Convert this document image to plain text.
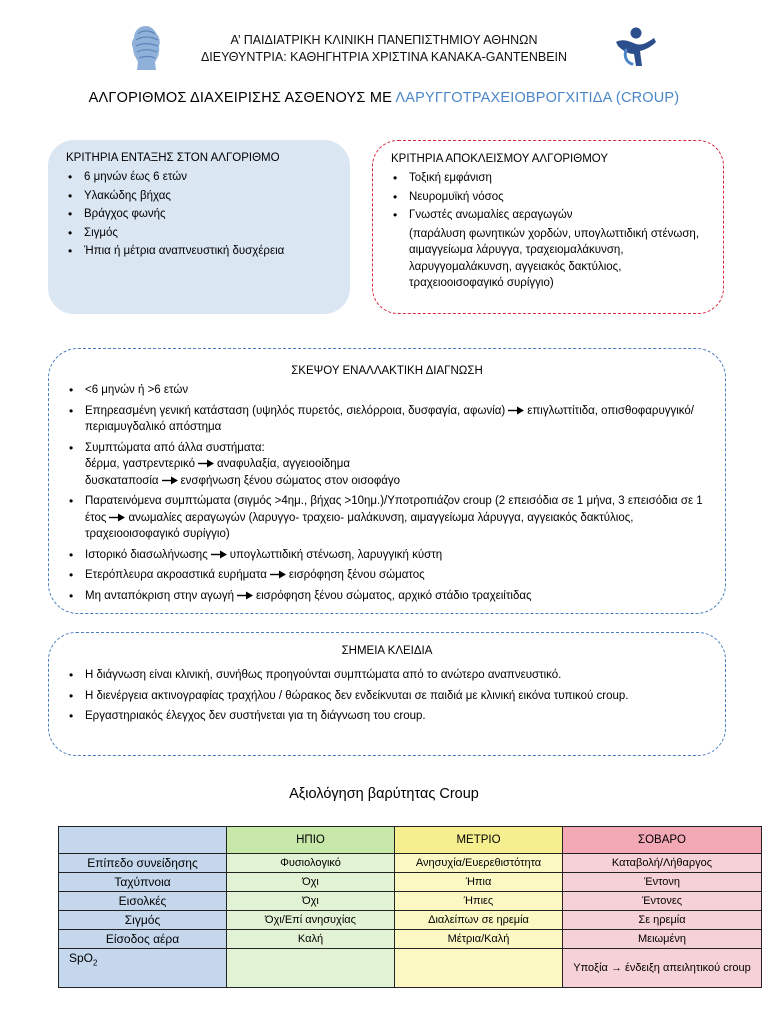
Α’ ΠΑΙΔΙΑΤΡΙΚΗ ΚΛΙΝΙΚΗ ΠΑΝΕΠΙΣΤΗΜΙΟΥ ΑΘΗΝΩΝ
ΔΙΕΥΘΥΝΤΡΙΑ: ΚΑΘΗΓΗΤΡΙΑ ΧΡΙΣΤΙΝΑ ΚΑΝΑΚΑ-GANTENBEIN
ΑΛΓΟΡΙΘΜΟΣ ΔΙΑΧΕΙΡΙΣΗΣ ΑΣΘΕΝΟΥΣ ΜΕ ΛΑΡΥΓΓΟΤΡΑΧΕΙΟΒΡΟΓΧΙΤΙΔΑ (CROUP)
ΚΡΙΤΗΡΙΑ ΕΝΤΑΞΗΣ ΣΤΟΝ ΑΛΓΟΡΙΘΜΟ
• 6 μηνών έως 6 ετών
• Υλακώδης βήχας
• Βράγχος φωνής
• Σιγμός
• Ήπια ή μέτρια αναπνευστική δυσχέρεια
ΚΡΙΤΗΡΙΑ ΑΠΟΚΛΕΙΣΜΟΥ ΑΛΓΟΡΙΘΜΟΥ
• Τοξική εμφάνιση
• Νευρομυϊκή νόσος
• Γνωστές ανωμαλίες αεραγωγών
(παράλυση φωνητικών χορδών, υπογλωττιδική στένωση, αιμαγγείωμα λάρυγγα, τραχειομαλάκυνση, λαρυγγομαλάκυνση, αγγειακός δακτύλιος, τραχειοοισοφαγικό συρίγγιο)
ΣΚΕΨΟΥ ΕΝΑΛΛΑΚΤΙΚΗ ΔΙΑΓΝΩΣΗ
• <6 μηνών ή >6 ετών
• Επηρεασμένη γενική κατάσταση (υψηλός πυρετός, σιελόρροια, δυσφαγία, αφωνία) επιγλωττίτιδα, οπισθοφαρυγγικό/περιαμυγδαλικό απόστημα
• Συμπτώματα από άλλα συστήματα:
δέρμα, γαστρεντερικό αναφυλαξία, αγγειοοίδημα
δυσκαταποσία ενσφήνωση ξένου σώματος στον οισοφάγο
• Παρατεινόμενα συμπτώματα (σιγμός >4ημ., βήχας >10ημ.)/Υποτροπιάζον croup (2 επεισόδια σε 1 μήνα, 3 επεισόδια σε 1 έτος ανωμαλίες αεραγωγών (λαρυγγο- τραχειο- μαλάκυνση, αιμαγγείωμα λάρυγγα, αγγειακός δακτύλιος, τραχειοοισοφαγικό συρίγγιο)
• Ιστορικό διασωλήνωσης υπογλωττιδική στένωση, λαρυγγική κύστη
• Ετερόπλευρα ακροαστικά ευρήματα εισρόφηση ξένου σώματος
• Μη ανταπόκριση στην αγωγή εισρόφηση ξένου σώματος, αρχικό στάδιο τραχειίτιδας
ΣΗΜΕΙΑ ΚΛΕΙΔΙΑ
• Η διάγνωση είναι κλινική, συνήθως προηγούνται συμπτώματα από το ανώτερο αναπνευστικό.
• Η διενέργεια ακτινογραφίας τραχήλου / θώρακος δεν ενδείκνυται σε παιδιά με κλινική εικόνα τυπικού croup.
• Εργαστηριακός έλεγχος δεν συστήνεται για τη διάγνωση του croup.
Αξιολόγηση βαρύτητας Croup
	ΗΠΙΟ	ΜΕΤΡΙΟ	ΣΟΒΑΡΟ
Επίπεδο συνείδησης	Φυσιολογικό	Ανησυχία/Ευερεθιστότητα	Καταβολή/Λήθαργος
Ταχύπνοια	Όχι	Ήπια	Έντονη
Εισολκές	Όχι	Ήπιες	Έντονες
Σιγμός	Όχι/Επί ανησυχίας	Διαλείπων σε ηρεμία	Σε ηρεμία
Είσοδος αέρα	Καλή	Μέτρια/Καλή	Μειωμένη
SpO$_2$			Υποξία → ένδειξη απειλητικού croup
